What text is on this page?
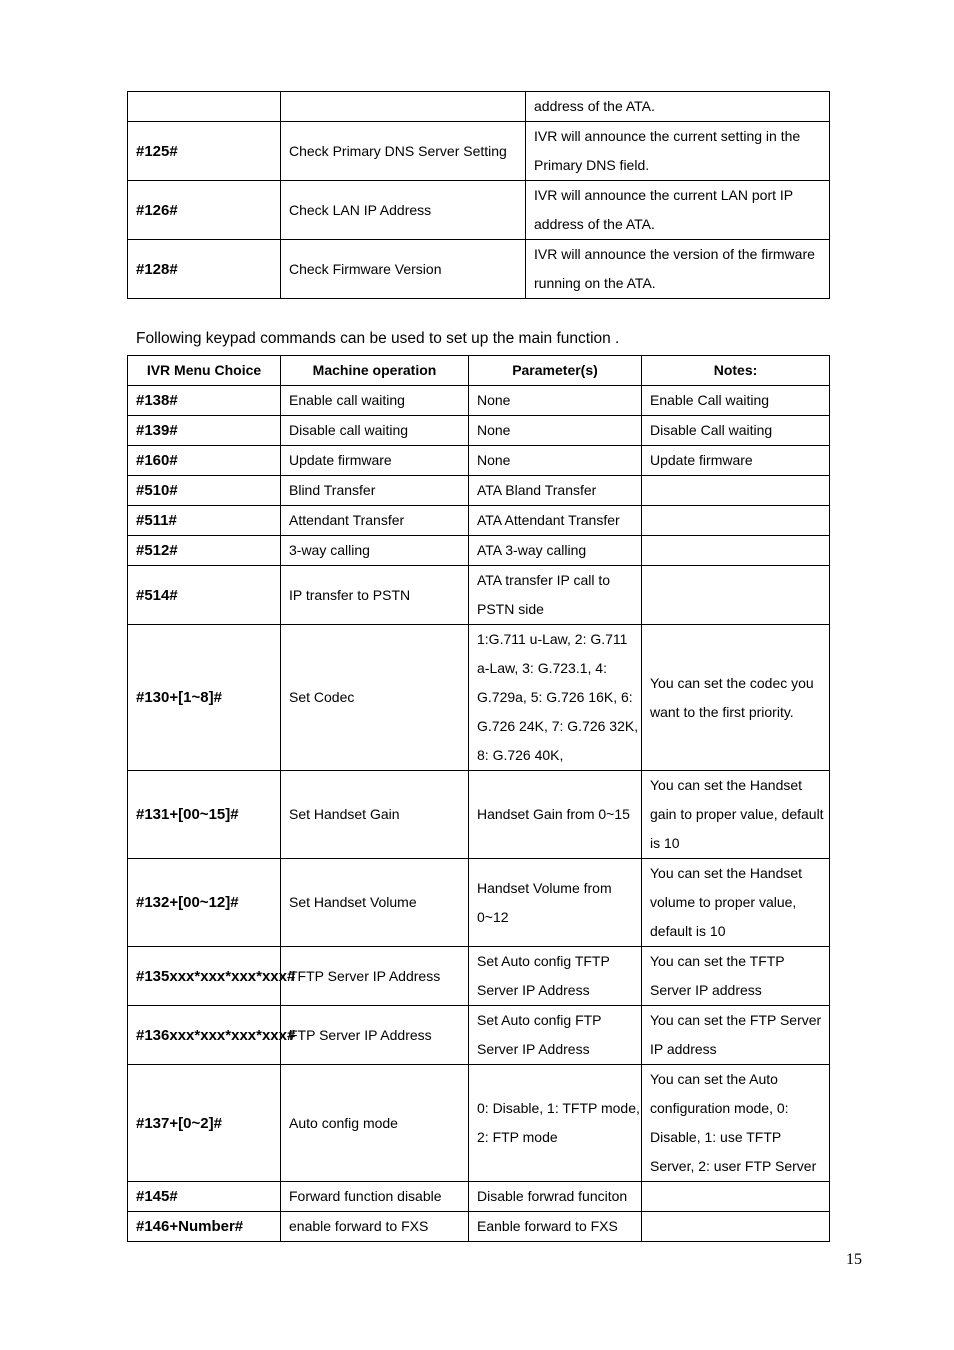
		address of the ATA.
#125#	Check Primary DNS Server Setting	IVR will announce the current setting in the Primary DNS field.
#126#	Check LAN IP Address	IVR will announce the current LAN port IP address of the ATA.
#128#	Check Firmware Version	IVR will announce the version of the firmware running on the ATA.

Following keypad commands can be used to set up the main function .

IVR Menu Choice	Machine operation	Parameter(s)	Notes:
#138#	Enable call waiting	None	Enable Call waiting
#139#	Disable call waiting	None	Disable Call waiting
#160#	Update firmware	None	Update firmware
#510#	Blind Transfer	ATA Bland Transfer	
#511#	Attendant Transfer	ATA Attendant Transfer	
#512#	3-way calling	ATA 3-way calling	
#514#	IP transfer to PSTN	ATA transfer IP call to PSTN side	
#130+[1~8]#	Set Codec	1:G.711 u-Law, 2: G.711 a-Law, 3: G.723.1, 4: G.729a, 5: G.726 16K, 6: G.726 24K, 7: G.726 32K, 8: G.726 40K,	You can set the codec you want to the first priority.
#131+[00~15]#	Set Handset Gain	Handset Gain from 0~15	You can set the Handset gain to proper value, default is 10
#132+[00~12]#	Set Handset Volume	Handset Volume from 0~12	You can set the Handset volume to proper value, default is 10
#135xxx*xxx*xxx*xxx#	TFTP Server IP Address	Set Auto config TFTP Server IP Address	You can set the TFTP Server IP address
#136xxx*xxx*xxx*xxx#	FTP Server IP Address	Set Auto config FTP Server IP Address	You can set the FTP Server IP address
#137+[0~2]#	Auto config mode	0: Disable, 1: TFTP mode, 2: FTP mode	You can set the Auto configuration mode, 0: Disable, 1: use TFTP Server, 2: user FTP Server
#145#	Forward function disable	Disable forwrad funciton	
#146+Number#	enable forward to FXS	Eanble forward to FXS	

15
